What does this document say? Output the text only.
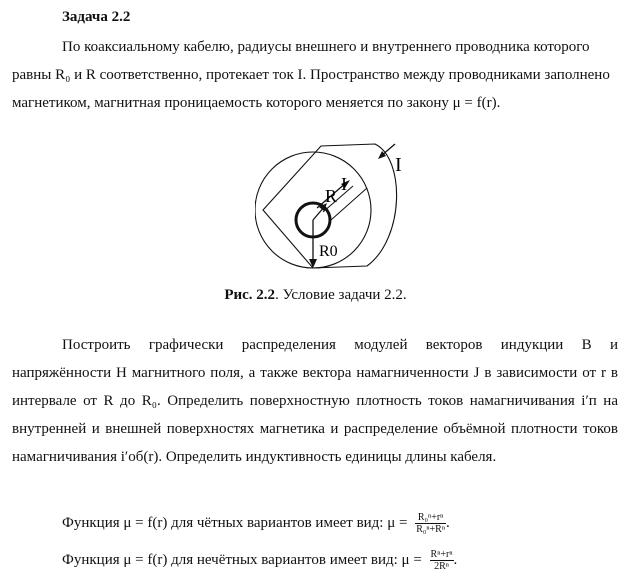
Задача 2.2

По коаксиальному кабелю, радиусы внешнего и внутреннего проводника которого равны R₀ и R соответственно, протекает ток I. Пространство между проводниками заполнено магнетиком, магнитная проницаемость которого меняется по закону μ = f(r).

I
I
R
R0
Рис. 2.2. Условие задачи 2.2.

Построить графически распределения модулей векторов индукции B и напряжённости H магнитного поля, а также вектора намагниченности J в зависимости от r в интервале от R до R₀. Определить поверхностную плотность токов намагничивания i′п на внутренней и внешней поверхностях магнетика и распределение объёмной плотности токов намагничивания i′об(r). Определить индуктивность единицы длины кабеля.

Функция μ = f(r) для чётных вариантов имеет вид: $\mu = \frac{\text{R₀ⁿ+rⁿ}}{\text{R₀ⁿ+Rⁿ}}$ .
Функция μ = f(r) для нечётных вариантов имеет вид: $\mu = \frac{\text{Rⁿ+rⁿ}}{\text{2Rⁿ}}$ .
